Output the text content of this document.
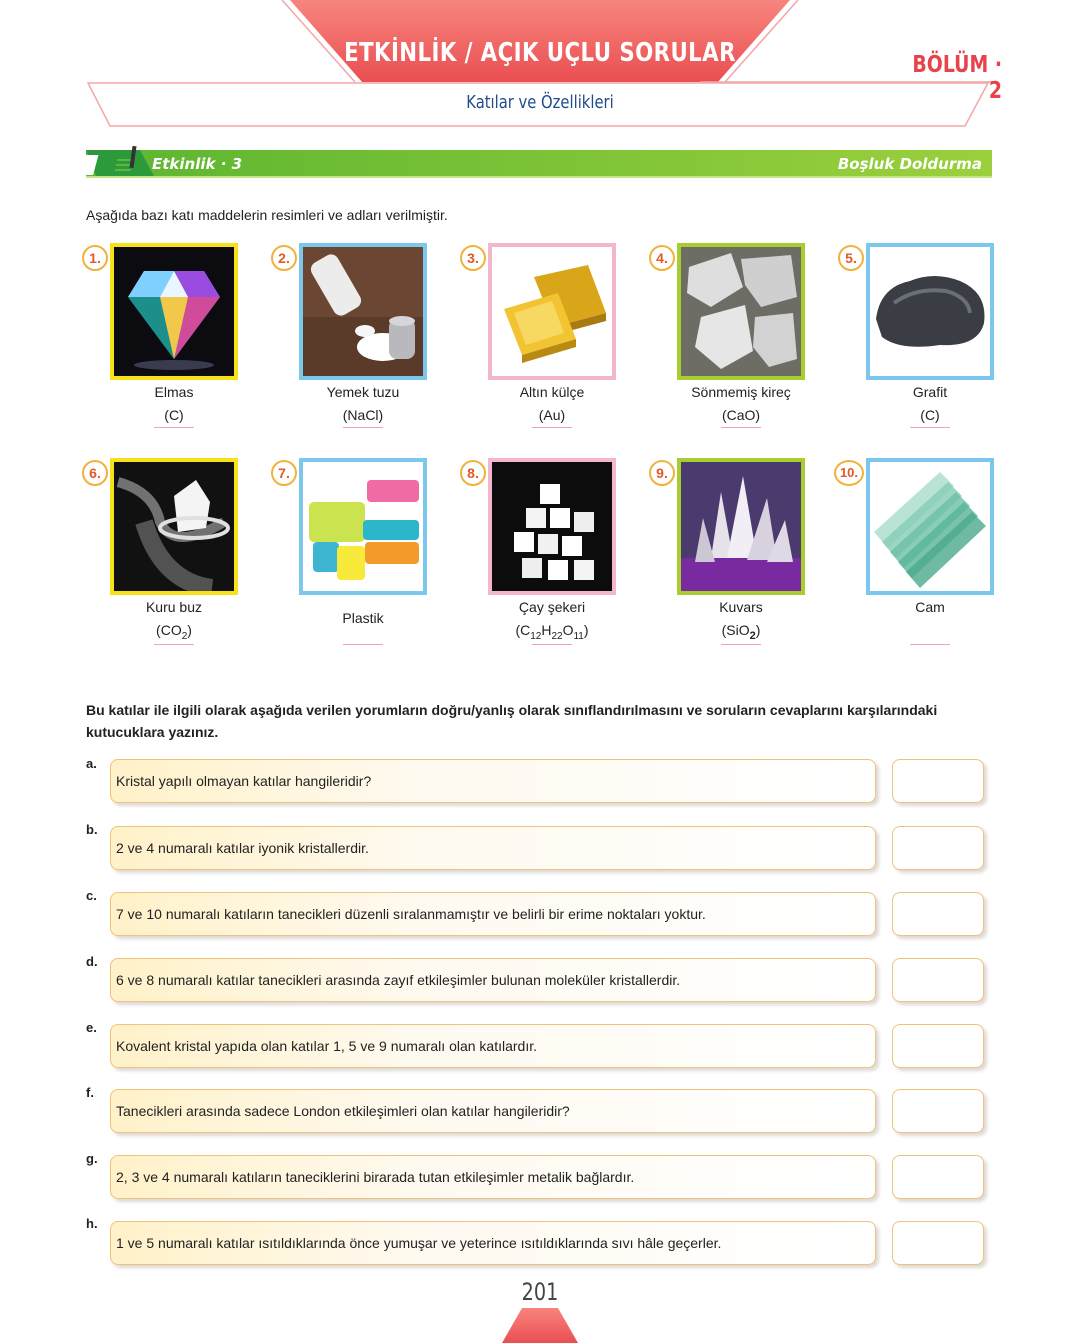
ETKİNLİK / AÇIK UÇLU SORULAR	BÖLÜM · 2
Katılar ve Özellikleri
Etkinlik · 3	Boşluk Doldurma
Aşağıda bazı katı maddelerin resimleri ve adları verilmiştir.
1.
Elmas
(C)
2.
Yemek tuzu
(NaCl)
3.
Altın külçe
(Au)
4.
Sönmemiş kireç
(CaO)
5.
Grafit
(C)
6.
Kuru buz
$(CO_2)$
7.
Plastik
8.
Çay şekeri
$(C_{12}H_{22}O_{11})$
9.
Kuvars
(SiO$_2$)
10.
Cam
Bu katılar ile ilgili olarak aşağıda verilen yorumların doğru/yanlış olarak sınıflandırılmasını ve soruların cevaplarını karşılarındaki kutucuklara yazınız.
a.
Kristal yapılı olmayan katılar hangileridir?
b.
2 ve 4 numaralı katılar iyonik kristallerdir.
c.
7 ve 10 numaralı katıların tanecikleri düzenli sıralanmamıştır ve belirli bir erime noktaları yoktur.
d.
6 ve 8 numaralı katılar tanecikleri arasında zayıf etkileşimler bulunan moleküler kristallerdir.
e.
Kovalent kristal yapıda olan katılar 1, 5 ve 9 numaralı olan katılardır.
f.
Tanecikleri arasında sadece London etkileşimleri olan katılar hangileridir?
g.
2, 3 ve 4 numaralı katıların taneciklerini birarada tutan etkileşimler metalik bağlardır.
h.
1 ve 5 numaralı katılar ısıtıldıklarında önce yumuşar ve yeterince ısıtıldıklarında sıvı hâle geçerler.
201
